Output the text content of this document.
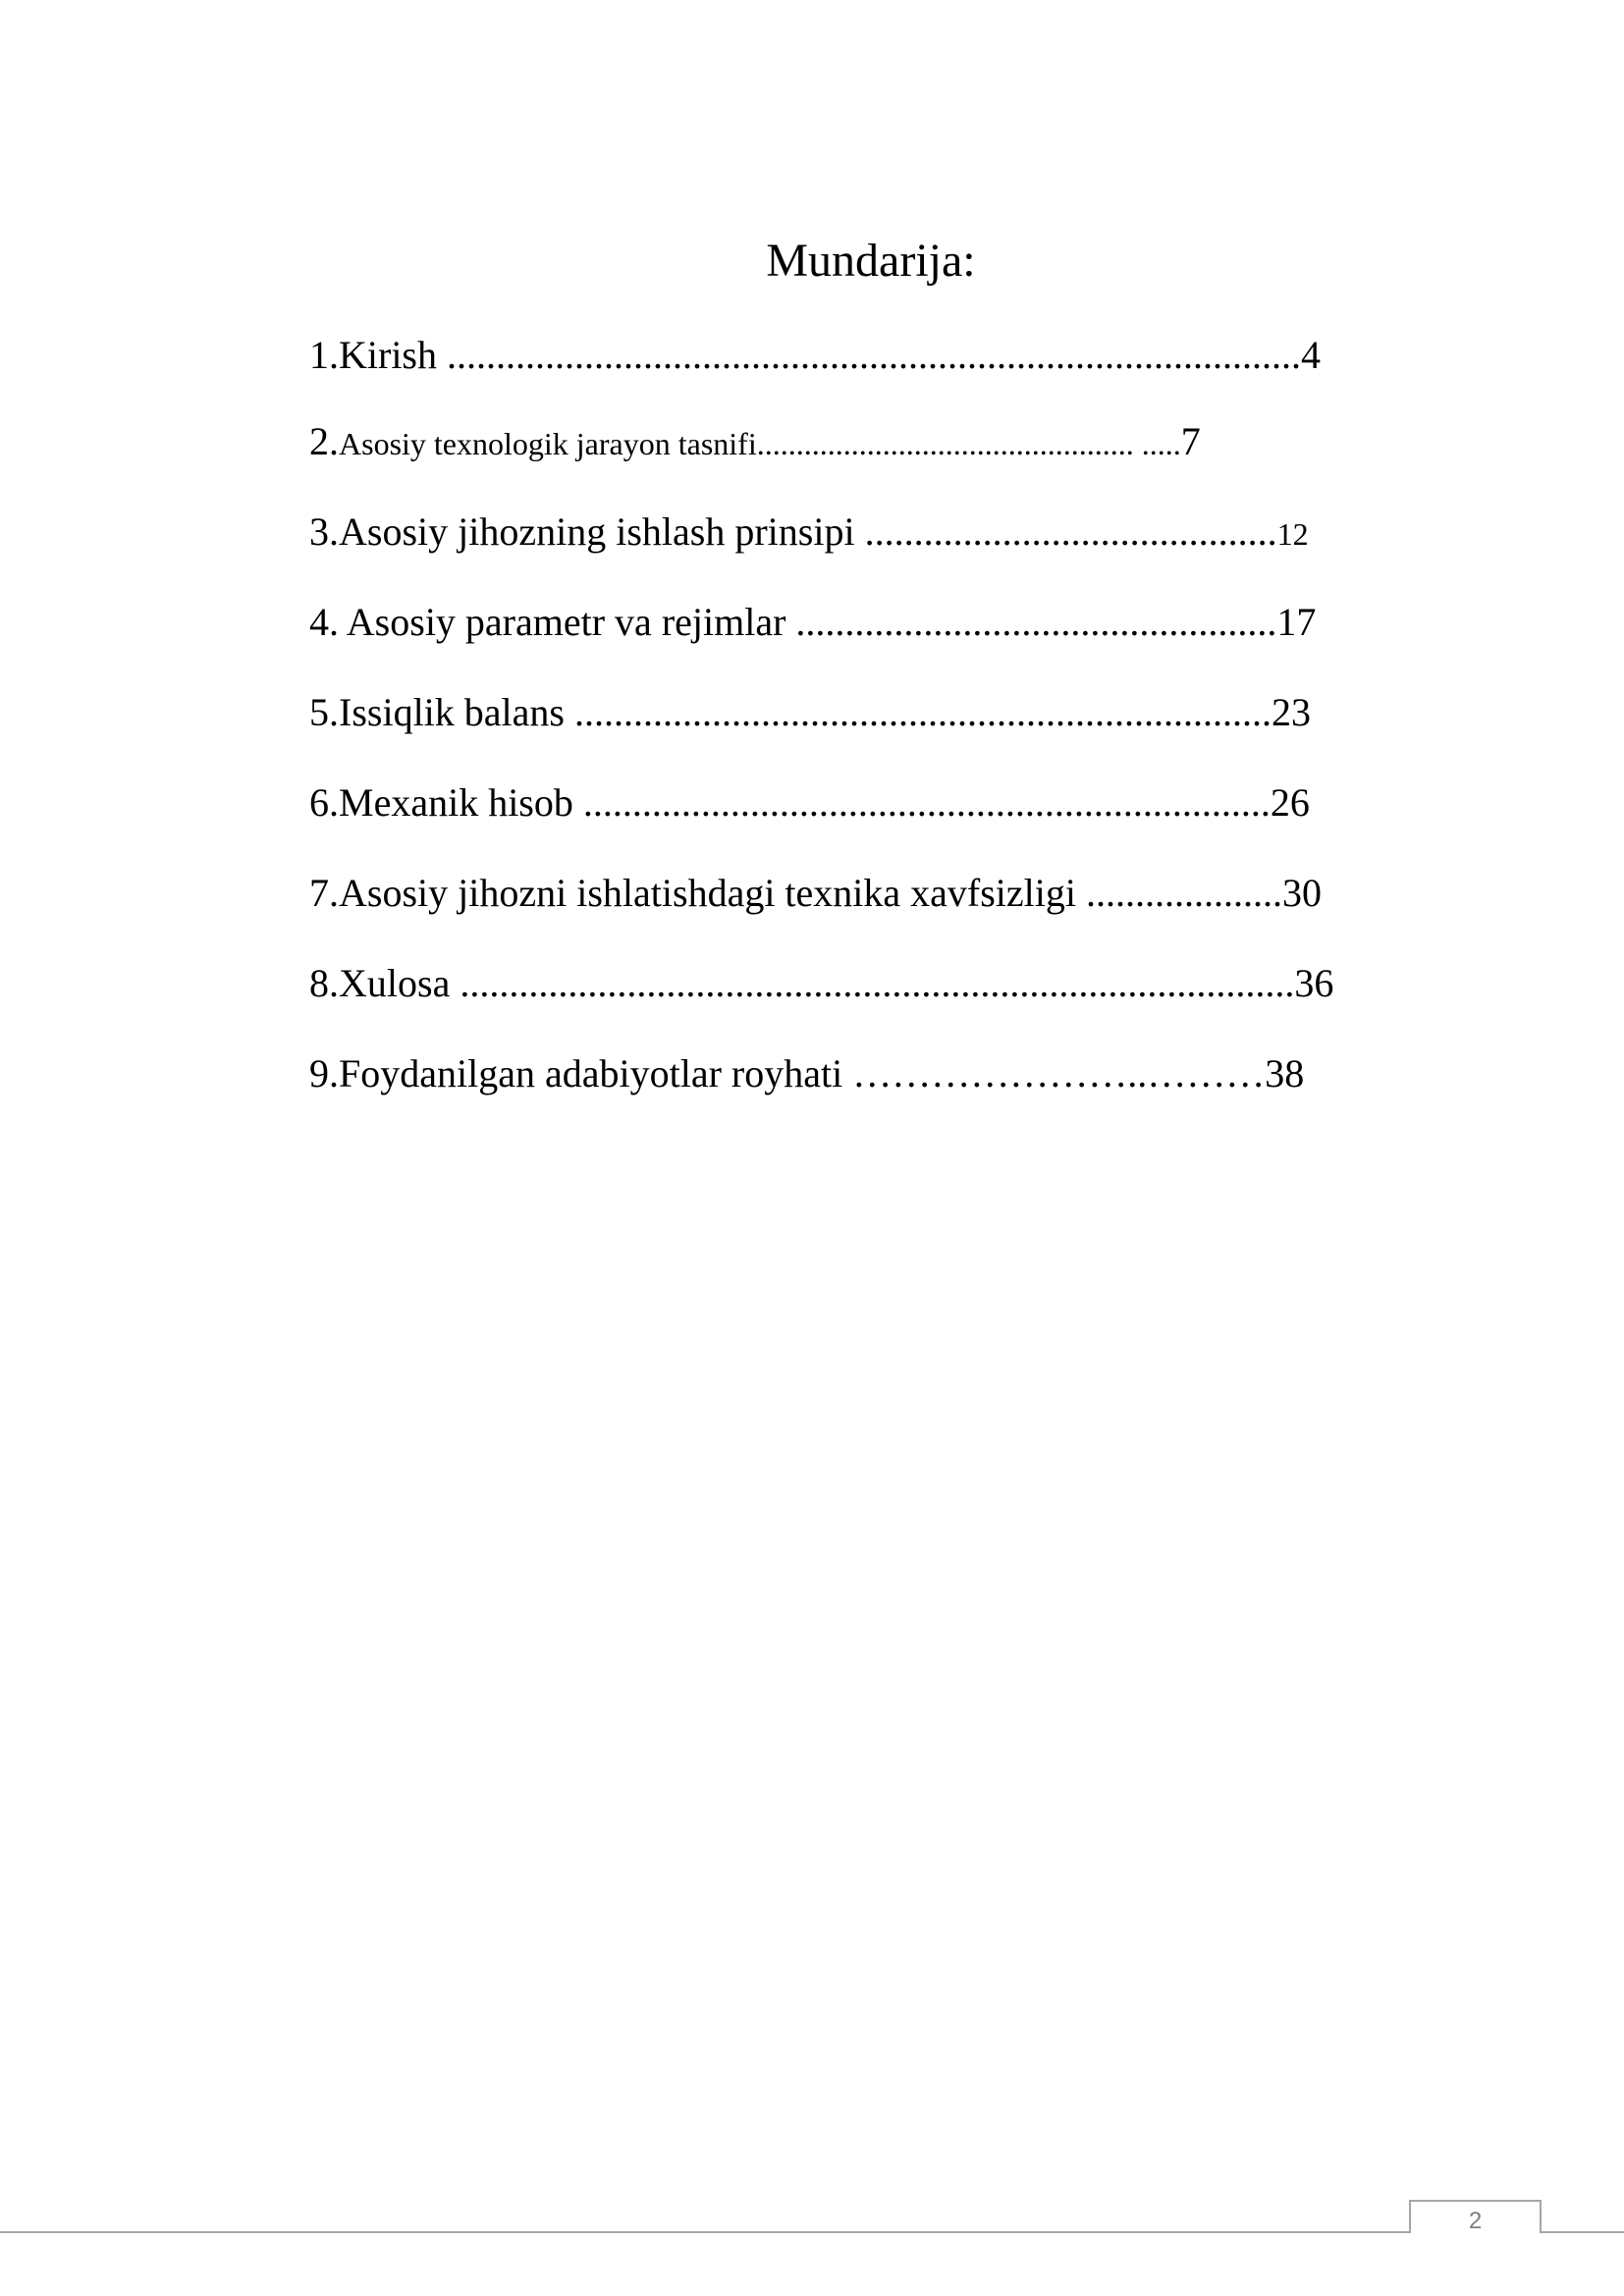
Mundarija:
1.Kirish .......................................................................................4
2.Asosiy texnologik jarayon tasnifi................................................ .....7
3.Asosiy jihozning ishlash prinsipi ..........................................12
4. Asosiy parametr va rejimlar .................................................17
5.Issiqlik balans .......................................................................23
6.Mexanik hisob ......................................................................26
7.Asosiy jihozni ishlatishdagi texnika xavfsizligi ....................30
8.Xulosa .....................................................................................36
9.Foydanilgan adabiyotlar royhati …………………..………38
2
